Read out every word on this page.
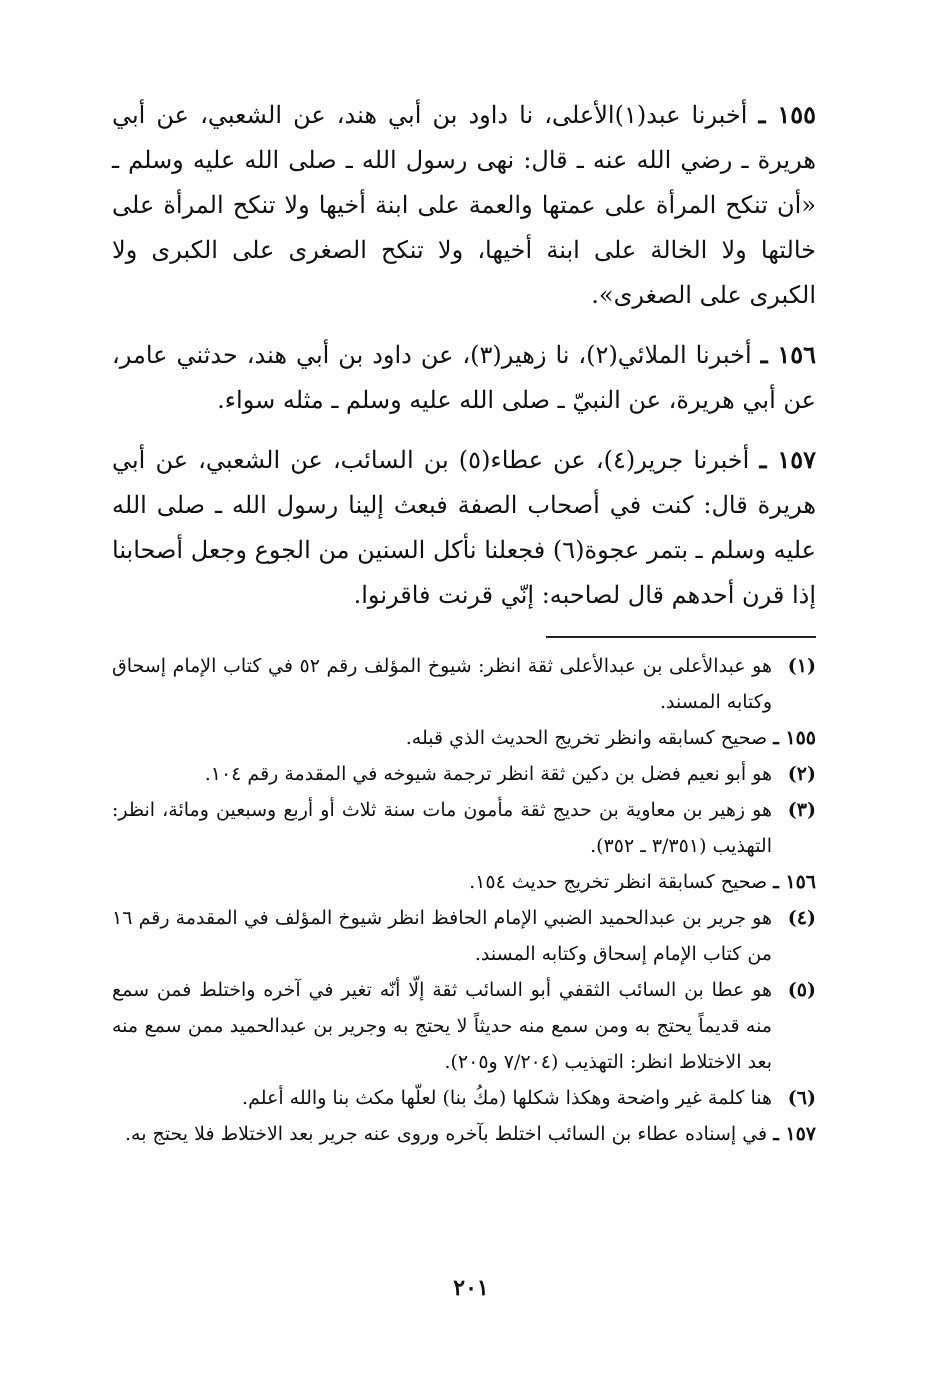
١٥٥ ـ أخبرنا عبد(١)الأعلى، نا داود بن أبي هند، عن الشعبي، عن أبي هريرة ـ رضي الله عنه ـ قال: نهى رسول الله ـ صلى الله عليه وسلم ـ «أن تنكح المرأة على عمتها والعمة على ابنة أخيها ولا تنكح المرأة على خالتها ولا الخالة على ابنة أخيها، ولا تنكح الصغرى على الكبرى ولا الكبرى على الصغرى».

١٥٦ ـ أخبرنا الملائي(٢)، نا زهير(٣)، عن داود بن أبي هند، حدثني عامر، عن أبي هريرة، عن النبيّ ـ صلى الله عليه وسلم ـ مثله سواء.

١٥٧ ـ أخبرنا جرير(٤)، عن عطاء(٥) بن السائب، عن الشعبي، عن أبي هريرة قال: كنت في أصحاب الصفة فبعث إلينا رسول الله ـ صلى الله عليه وسلم ـ بتمر عجوة(٦) فجعلنا نأكل السنين من الجوع وجعل أصحابنا إذا قرن أحدهم قال لصاحبه: إنّي قرنت فاقرنوا.

(١)
هو عبدالأعلى بن عبدالأعلى ثقة انظر: شيوخ المؤلف رقم ٥٢ في كتاب الإمام إسحاق وكتابه المسند.
١٥٥ ـ صحيح كسابقه وانظر تخريج الحديث الذي قبله.
(٢)
هو أبو نعيم فضل بن دكين ثقة انظر ترجمة شيوخه في المقدمة رقم ١٠٤.
(٣)
هو زهير بن معاوية بن حديج ثقة مأمون مات سنة ثلاث أو أربع وسبعين ومائة، انظر: التهذيب (٣/٣٥١ ـ ٣٥٢).
١٥٦ ـ صحيح كسابقة انظر تخريج حديث ١٥٤.
(٤)
هو جرير بن عبدالحميد الضبي الإمام الحافظ انظر شيوخ المؤلف في المقدمة رقم ١٦ من كتاب الإمام إسحاق وكتابه المسند.
(٥)
هو عطا بن السائب الثقفي أبو السائب ثقة إلّا أنّه تغير في آخره واختلط فمن سمع منه قديماً يحتج به ومن سمع منه حديثاً لا يحتج به وجرير بن عبدالحميد ممن سمع منه بعد الاختلاط انظر: التهذيب (٧/٢٠٤ و٢٠٥).
(٦)
هنا كلمة غير واضحة وهكذا شكلها (مكُ بنا) لعلّها مكث بنا والله أعلم.
١٥٧ ـ في إسناده عطاء بن السائب اختلط بآخره وروى عنه جرير بعد الاختلاط فلا يحتج به.
٢٠١
